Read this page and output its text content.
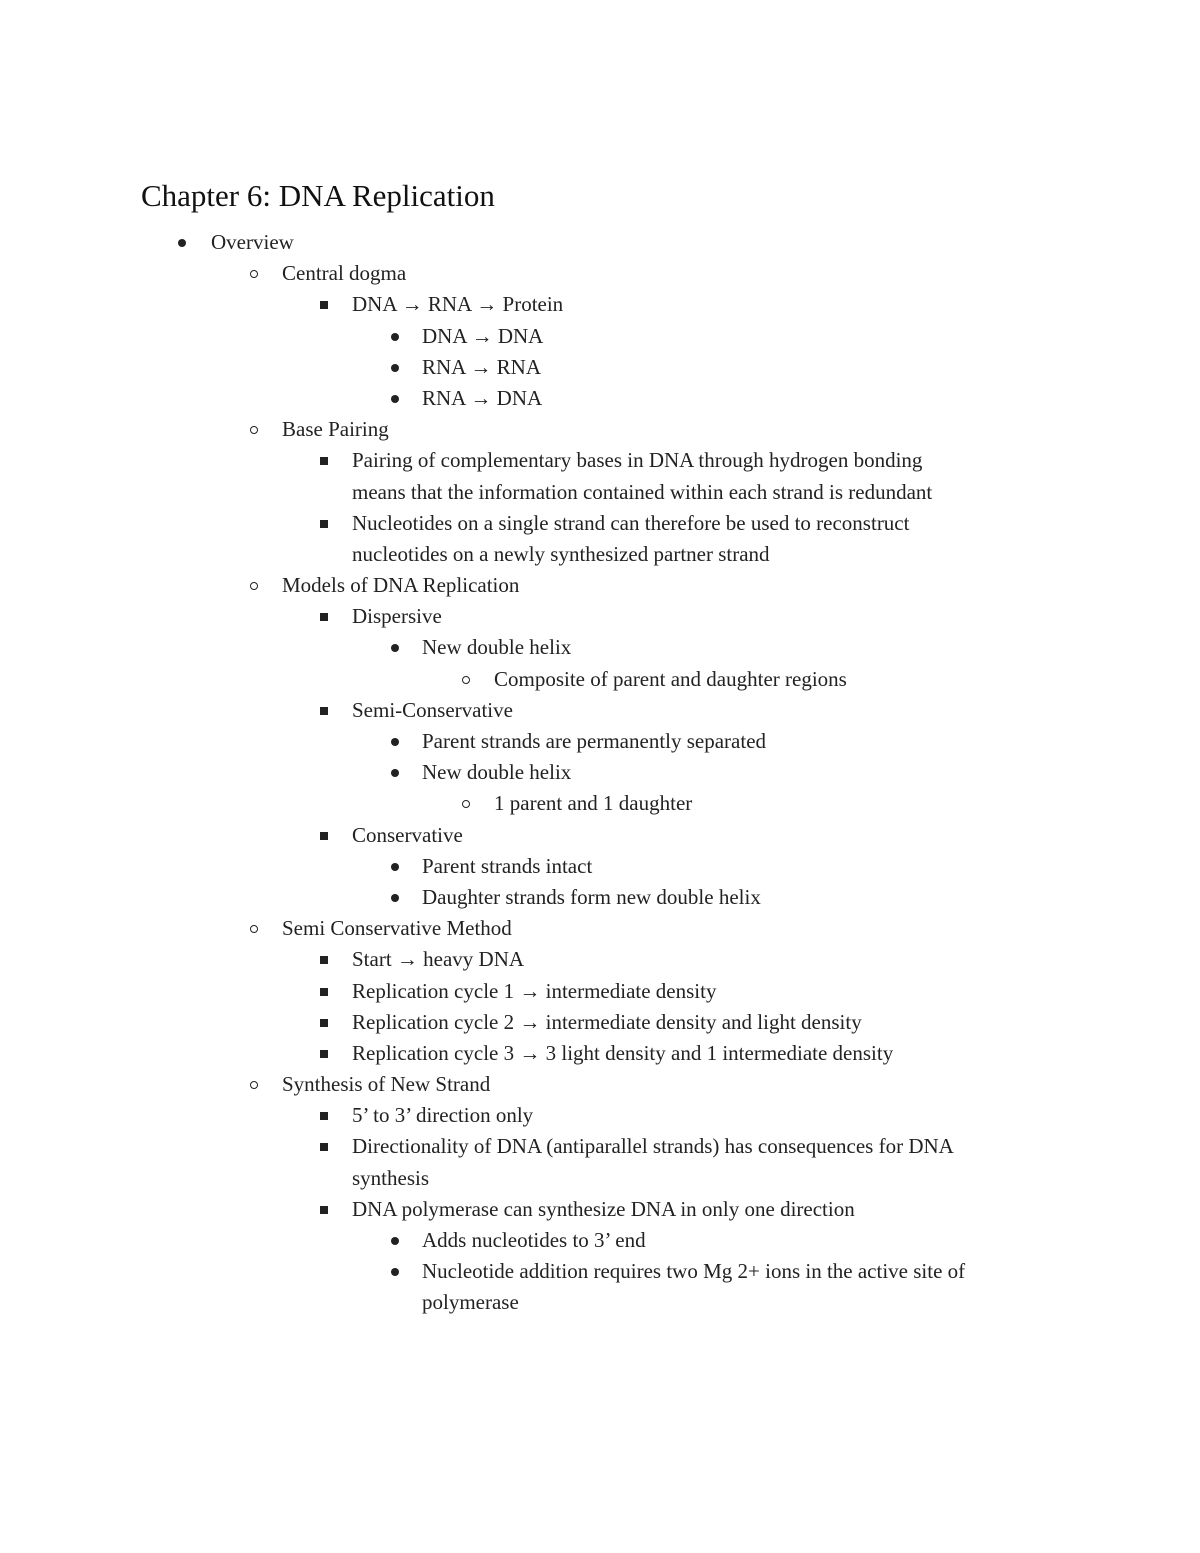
Chapter 6: DNA Replication
Overview
Central dogma
DNA → RNA → Protein
DNA → DNA
RNA → RNA
RNA → DNA
Base Pairing
Pairing of complementary bases in DNA through hydrogen bonding
means that the information contained within each strand is redundant
Nucleotides on a single strand can therefore be used to reconstruct
nucleotides on a newly synthesized partner strand
Models of DNA Replication
Dispersive
New double helix
Composite of parent and daughter regions
Semi-Conservative
Parent strands are permanently separated
New double helix
1 parent and 1 daughter
Conservative
Parent strands intact
Daughter strands form new double helix
Semi Conservative Method
Start → heavy DNA
Replication cycle 1 → intermediate density
Replication cycle 2 → intermediate density and light density
Replication cycle 3 → 3 light density and 1 intermediate density
Synthesis of New Strand
5’ to 3’ direction only
Directionality of DNA (antiparallel strands) has consequences for DNA
synthesis
DNA polymerase can synthesize DNA in only one direction
Adds nucleotides to 3’ end
Nucleotide addition requires two Mg 2+ ions in the active site of
polymerase
